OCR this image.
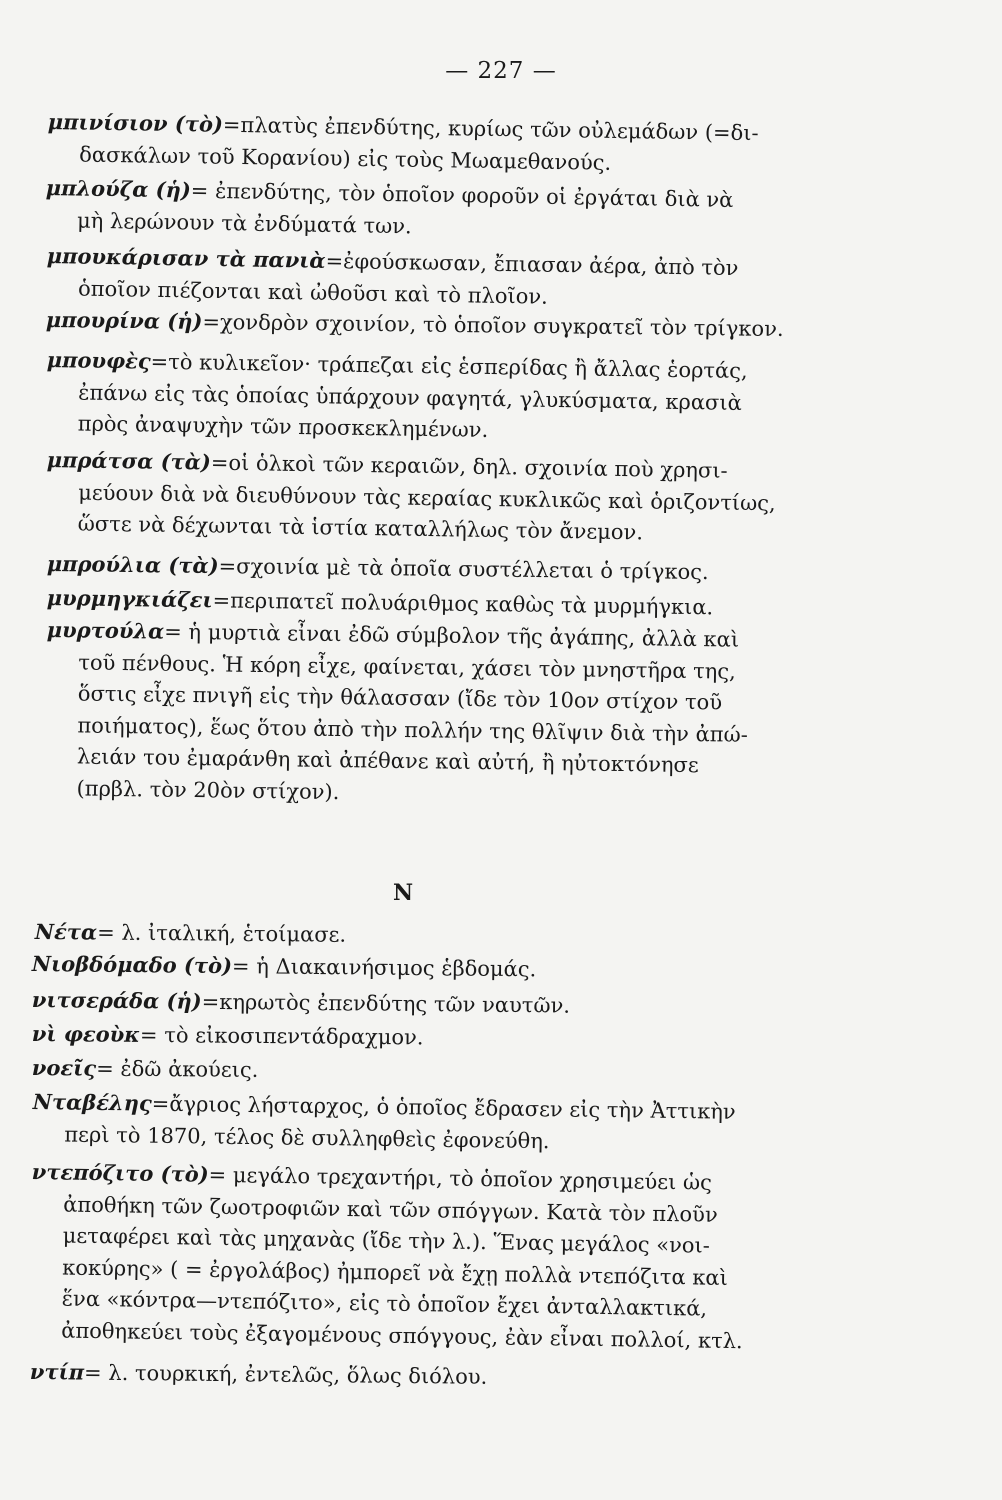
— 227 —
μπινίσιον (τὸ)=πλατὺς ἐπενδύτης, κυρίως τῶν οὐλεμάδων (=δι-
δασκάλων τοῦ Κορανίου) εἰς τοὺς Μωαμεθανούς.
μπλούζα (ἡ)= ἐπενδύτης, τὸν ὁποῖον φοροῦν οἱ ἐργάται διὰ νὰ
μὴ λερώνουν τὰ ἐνδύματά των.
μπουκάρισαν τὰ πανιὰ=ἐφούσκωσαν, ἔπιασαν ἀέρα, ἀπὸ τὸν
ὁποῖον πιέζονται καὶ ὠθοῦσι καὶ τὸ πλοῖον.
μπουρίνα (ἡ)=χονδρὸν σχοινίον, τὸ ὁποῖον συγκρατεῖ τὸν τρίγκον.
μπουφὲς=τὸ κυλικεῖον· τράπεζαι εἰς ἑσπερίδας ἢ ἄλλας ἑορτάς,
ἐπάνω εἰς τὰς ὁποίας ὑπάρχουν φαγητά, γλυκύσματα, κρασιὰ
πρὸς ἀναψυχὴν τῶν προσκεκλημένων.
μπράτσα (τὰ)=οἱ ὁλκοὶ τῶν κεραιῶν, δηλ. σχοινία ποὺ χρησι-
μεύουν διὰ νὰ διευθύνουν τὰς κεραίας κυκλικῶς καὶ ὁριζοντίως,
ὥστε νὰ δέχωνται τὰ ἱστία καταλλήλως τὸν ἄνεμον.
μπρούλια (τὰ)=σχοινία μὲ τὰ ὁποῖα συστέλλεται ὁ τρίγκος.
μυρμηγκιάζει=περιπατεῖ πολυάριθμος καθὼς τὰ μυρμήγκια.
μυρτούλα= ἡ μυρτιὰ εἶναι ἐδῶ σύμβολον τῆς ἀγάπης, ἀλλὰ καὶ
τοῦ πένθους. Ἡ κόρη εἶχε, φαίνεται, χάσει τὸν μνηστῆρα της,
ὅστις εἶχε πνιγῆ εἰς τὴν θάλασσαν (ἴδε τὸν 10ον στίχον τοῦ
ποιήματος), ἕως ὅτου ἀπὸ τὴν πολλήν της θλῖψιν διὰ τὴν ἀπώ-
λειάν του ἐμαράνθη καὶ ἀπέθανε καὶ αὐτή, ἢ ηὐτοκτόνησε
(πρβλ. τὸν 20ὸν στίχον).
Νέτα= λ. ἰταλική, ἑτοίμασε.
Νιοβδόμαδο (τὸ)= ἡ Διακαινήσιμος ἑβδομάς.
νιτσεράδα (ἡ)=κηρωτὸς ἐπενδύτης τῶν ναυτῶν.
νὶ φεοὺκ= τὸ εἰκοσιπεντάδραχμον.
νοεῖς= ἐδῶ ἀκούεις.
Νταβέλης=ἄγριος λήσταρχος, ὁ ὁποῖος ἔδρασεν εἰς τὴν Ἀττικὴν
περὶ τὸ 1870, τέλος δὲ συλληφθεὶς ἐφονεύθη.
ντεπόζιτο (τὸ)= μεγάλο τρεχαντήρι, τὸ ὁποῖον χρησιμεύει ὡς
ἀποθήκη τῶν ζωοτροφιῶν καὶ τῶν σπόγγων. Κατὰ τὸν πλοῦν
μεταφέρει καὶ τὰς μηχανὰς (ἴδε τὴν λ.). Ἕνας μεγάλος «νοι-
κοκύρης» ( = ἐργολάβος) ἠμπορεῖ νὰ ἔχῃ πολλὰ ντεπόζιτα καὶ
ἕνα «κόντρα—ντεπόζιτο», εἰς τὸ ὁποῖον ἔχει ἀνταλλακτικά,
ἀποθηκεύει τοὺς ἐξαγομένους σπόγγους, ἐὰν εἶναι πολλοί, κτλ.
ντίπ= λ. τουρκική, ἐντελῶς, ὅλως διόλου.
N
